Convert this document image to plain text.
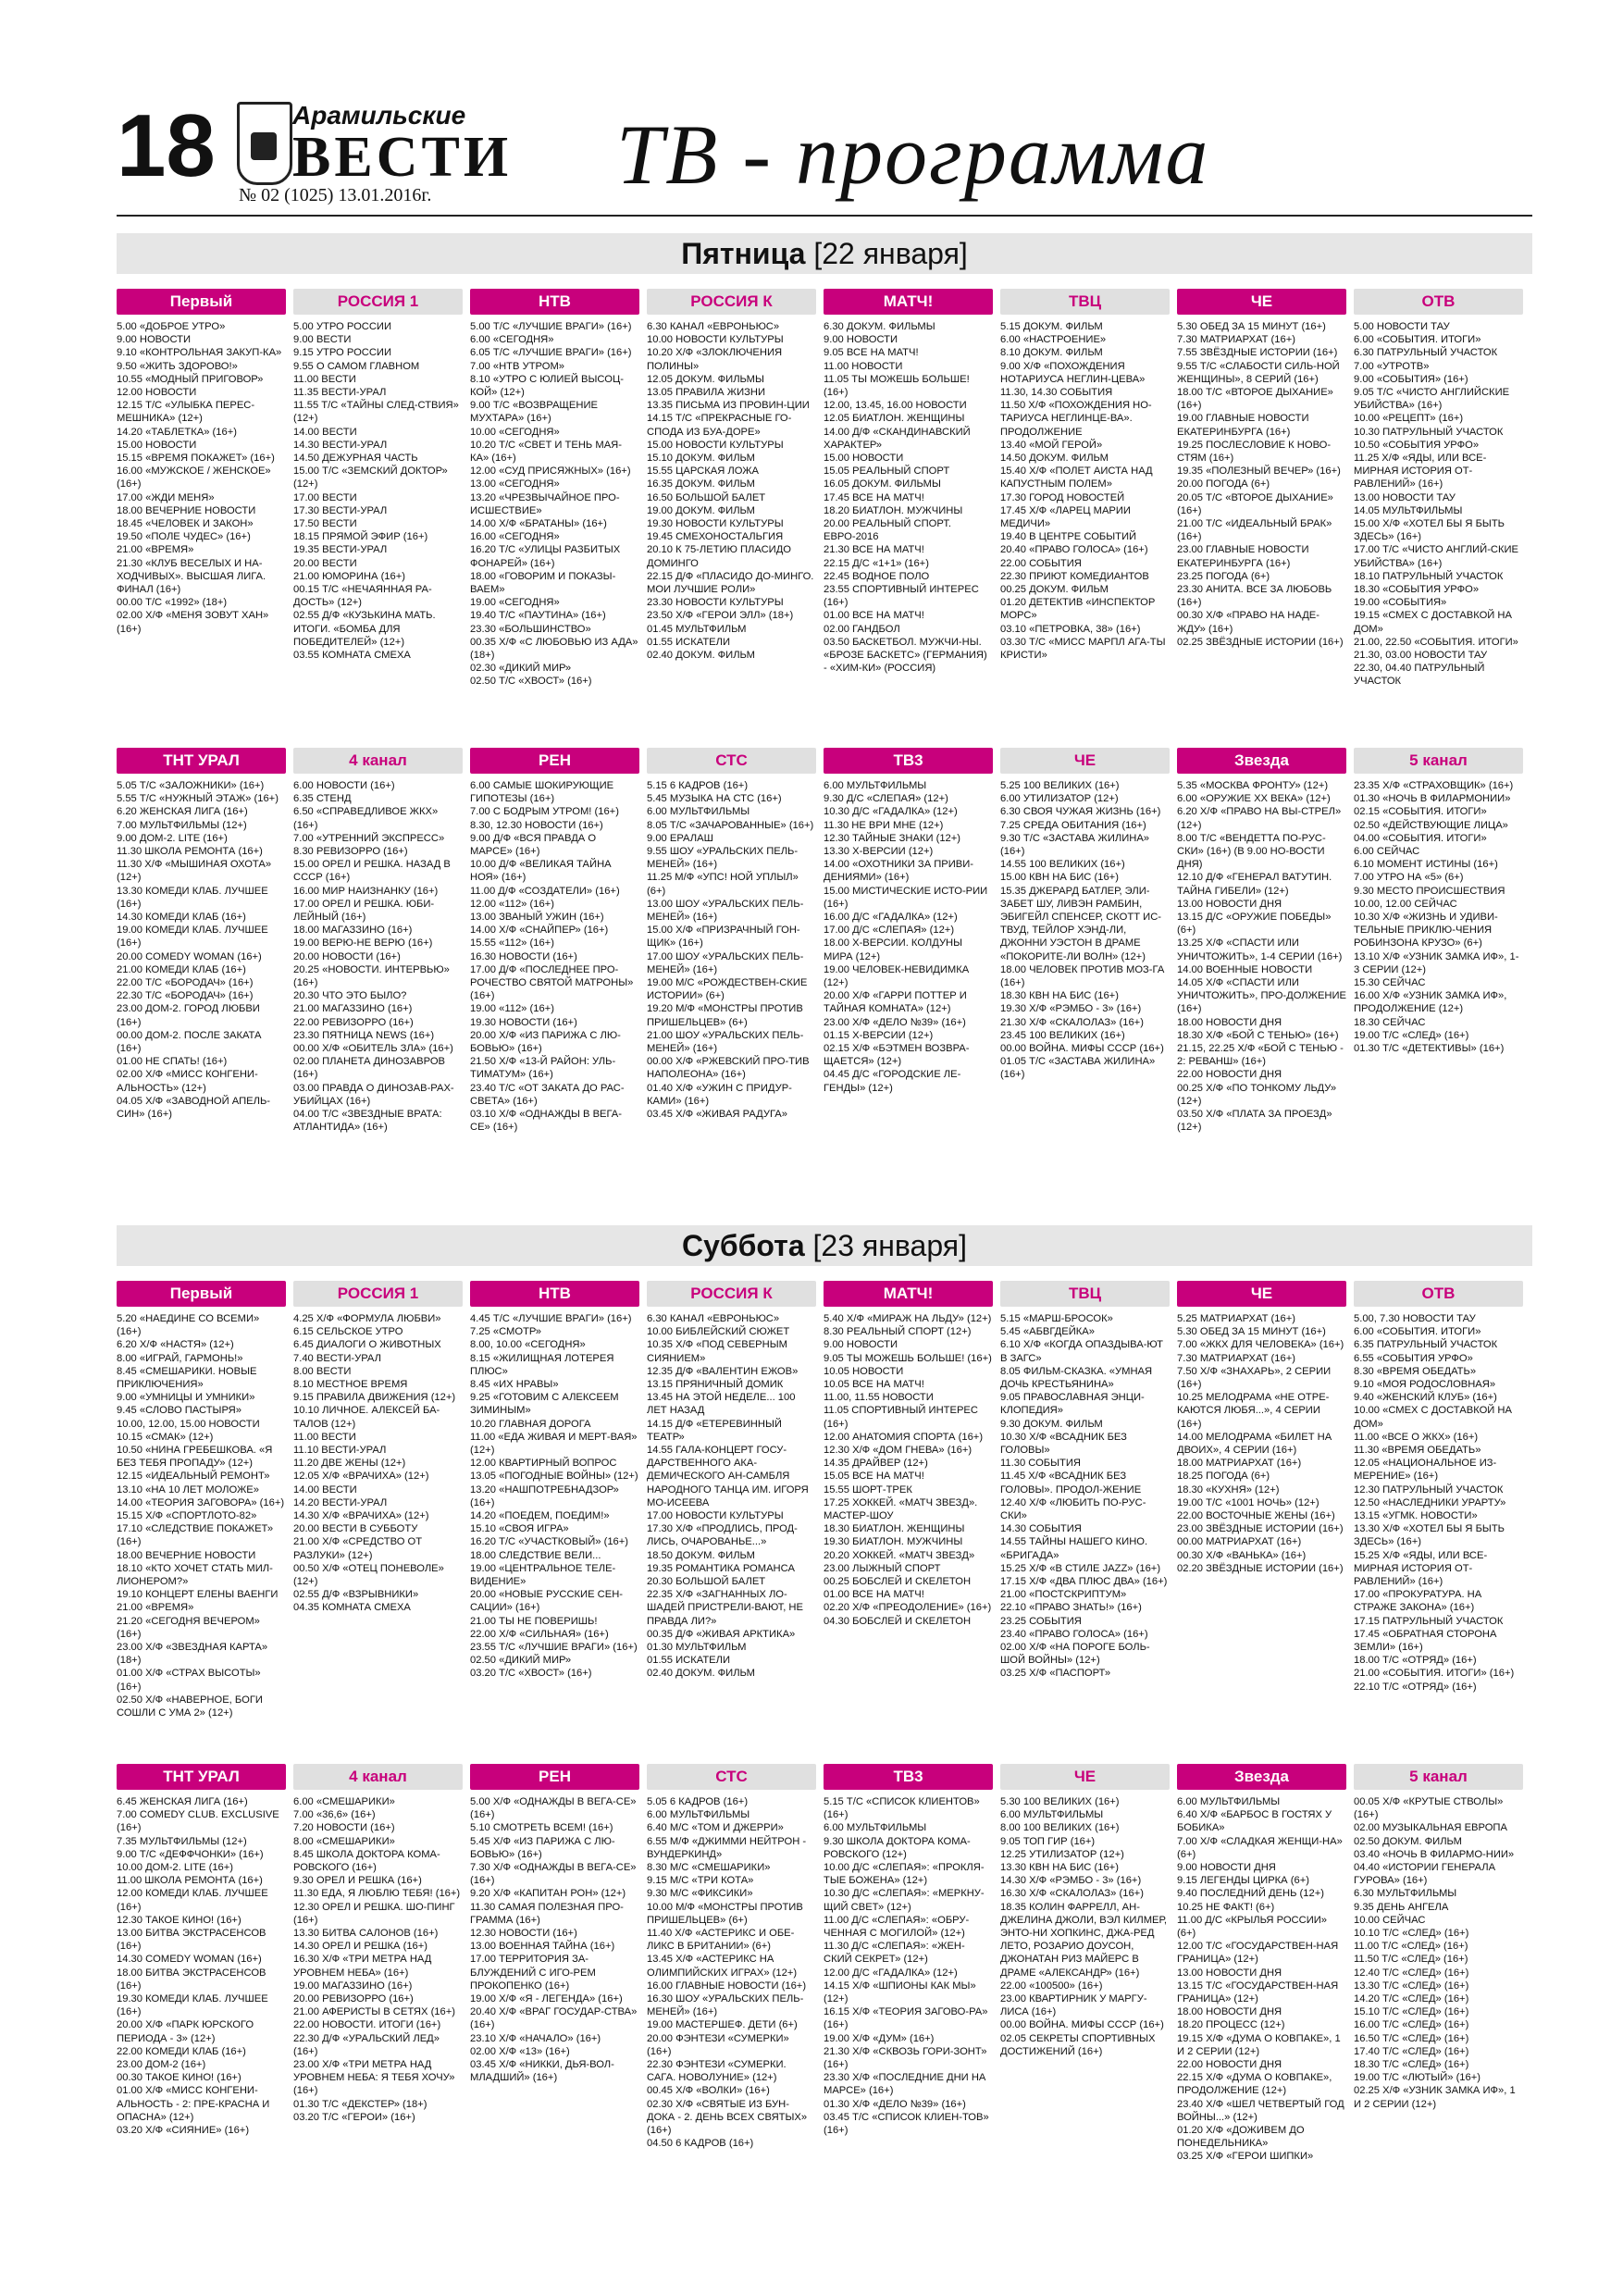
18	Арамильские
ВЕСТИ
№ 02 (1025) 13.01.2016г. ТВ - программа
Пятница [22 января]
Первый
5.00 «ДОБРОЕ УТРО»
9.00 НОВОСТИ
9.10 «КОНТРОЛЬНАЯ ЗАКУП-КА»
9.50 «ЖИТЬ ЗДОРОВО!»
10.55 «МОДНЫЙ ПРИГОВОР»
12.00 НОВОСТИ
12.15 Т/С «УЛЫБКА ПЕРЕС-МЕШНИКА» (12+)
14.20 «ТАБЛЕТКА» (16+)
15.00 НОВОСТИ
15.15 «ВРЕМЯ ПОКАЖЕТ» (16+)
16.00 «МУЖСКОЕ / ЖЕНСКОЕ» (16+)
17.00 «ЖДИ МЕНЯ»
18.00 ВЕЧЕРНИЕ НОВОСТИ
18.45 «ЧЕЛОВЕК И ЗАКОН»
19.50 «ПОЛЕ ЧУДЕС» (16+)
21.00 «ВРЕМЯ»
21.30 «КЛУБ ВЕСЕЛЫХ И НА-ХОДЧИВЫХ». ВЫСШАЯ ЛИГА. ФИНАЛ (16+)
00.00 Т/С «1992» (18+)
02.00 Х/Ф «МЕНЯ ЗОВУТ ХАН» (16+)
РОССИЯ 1
5.00 УТРО РОССИИ
9.00 ВЕСТИ
9.15 УТРО РОССИИ
9.55 О САМОМ ГЛАВНОМ
11.00 ВЕСТИ
11.35 ВЕСТИ-УРАЛ
11.55 Т/С «ТАЙНЫ СЛЕД-СТВИЯ» (12+)
14.00 ВЕСТИ
14.30 ВЕСТИ-УРАЛ
14.50 ДЕЖУРНАЯ ЧАСТЬ
15.00 Т/С «ЗЕМСКИЙ ДОКТОР» (12+)
17.00 ВЕСТИ
17.30 ВЕСТИ-УРАЛ
17.50 ВЕСТИ
18.15 ПРЯМОЙ ЭФИР (16+)
19.35 ВЕСТИ-УРАЛ
20.00 ВЕСТИ
21.00 ЮМОРИНА (16+)
00.15 Т/С «НЕЧАЯННАЯ РА-ДОСТЬ» (12+)
02.55 Д/Ф «КУЗЬКИНА МАТЬ. ИТОГИ. «БОМБА ДЛЯ ПОБЕДИТЕЛЕЙ» (12+)
03.55 КОМНАТА СМЕХА
НТВ
5.00 Т/С «ЛУЧШИЕ ВРАГИ» (16+)
6.00 «СЕГОДНЯ»
6.05 Т/С «ЛУЧШИЕ ВРАГИ» (16+)
7.00 «НТВ УТРОМ»
8.10 «УТРО С ЮЛИЕЙ ВЫСОЦ-КОЙ» (12+)
9.00 Т/С «ВОЗВРАЩЕНИЕ МУХТАРА» (16+)
10.00 «СЕГОДНЯ»
10.20 Т/С «СВЕТ И ТЕНЬ МАЯ-КА» (16+)
12.00 «СУД ПРИСЯЖНЫХ» (16+)
13.00 «СЕГОДНЯ»
13.20 «ЧРЕЗВЫЧАЙНОЕ ПРО-ИСШЕСТВИЕ»
14.00 Х/Ф «БРАТАНЫ» (16+)
16.00 «СЕГОДНЯ»
16.20 Т/С «УЛИЦЫ РАЗБИТЫХ ФОНАРЕЙ» (16+)
18.00 «ГОВОРИМ И ПОКАЗЫ-ВАЕМ»
19.00 «СЕГОДНЯ»
19.40 Т/С «ПАУТИНА» (16+)
23.30 «БОЛЬШИНСТВО»
00.35 Х/Ф «С ЛЮБОВЬЮ ИЗ АДА» (18+)
02.30 «ДИКИЙ МИР»
02.50 Т/С «ХВОСТ» (16+)
РОССИЯ К
6.30 КАНАЛ «ЕВРОНЬЮС»
10.00 НОВОСТИ КУЛЬТУРЫ
10.20 Х/Ф «ЗЛОКЛЮЧЕНИЯ ПОЛИНЫ»
12.05 ДОКУМ. ФИЛЬМЫ
13.05 ПРАВИЛА ЖИЗНИ
13.35 ПИСЬМА ИЗ ПРОВИН-ЦИИ
14.15 Т/С «ПРЕКРАСНЫЕ ГО-СПОДА ИЗ БУА-ДОРЕ»
15.00 НОВОСТИ КУЛЬТУРЫ
15.10 ДОКУМ. ФИЛЬМ
15.55 ЦАРСКАЯ ЛОЖА
16.35 ДОКУМ. ФИЛЬМ
16.50 БОЛЬШОЙ БАЛЕТ
19.00 ДОКУМ. ФИЛЬМ
19.30 НОВОСТИ КУЛЬТУРЫ
19.45 СМЕХОНОСТАЛЬГИЯ
20.10 К 75-ЛЕТИЮ ПЛАСИДО ДОМИНГО
22.15 Д/Ф «ПЛАСИДО ДО-МИНГО. МОИ ЛУЧШИЕ РОЛИ»
23.30 НОВОСТИ КУЛЬТУРЫ
23.50 Х/Ф «ГЕРОИ ЭЛЛ» (18+)
01.45 МУЛЬТФИЛЬМ
01.55 ИСКАТЕЛИ
02.40 ДОКУМ. ФИЛЬМ
МАТЧ!
6.30 ДОКУМ. ФИЛЬМЫ
9.00 НОВОСТИ
9.05 ВСЕ НА МАТЧ!
11.00 НОВОСТИ
11.05 ТЫ МОЖЕШЬ БОЛЬШЕ! (16+)
12.00, 13.45, 16.00 НОВОСТИ
12.05 БИАТЛОН. ЖЕНЩИНЫ
14.00 Д/Ф «СКАНДИНАВСКИЙ ХАРАКТЕР»
15.00 НОВОСТИ
15.05 РЕАЛЬНЫЙ СПОРТ
16.05 ДОКУМ. ФИЛЬМЫ
17.45 ВСЕ НА МАТЧ!
18.20 БИАТЛОН. МУЖЧИНЫ
20.00 РЕАЛЬНЫЙ СПОРТ. ЕВРО-2016
21.30 ВСЕ НА МАТЧ!
22.15 Д/С «1+1» (16+)
22.45 ВОДНОЕ ПОЛО
23.55 СПОРТИВНЫЙ ИНТЕРЕС (16+)
01.00 ВСЕ НА МАТЧ!
02.00 ГАНДБОЛ
03.50 БАСКЕТБОЛ. МУЖЧИ-НЫ. «БРОЗЕ БАСКЕТС» (ГЕРМАНИЯ) - «ХИМ-КИ» (РОССИЯ)
ТВЦ
5.15 ДОКУМ. ФИЛЬМ
6.00 «НАСТРОЕНИЕ»
8.10 ДОКУМ. ФИЛЬМ
9.00 Х/Ф «ПОХОЖДЕНИЯ НОТАРИУСА НЕГЛИН-ЦЕВА»
11.30, 14.30 СОБЫТИЯ
11.50 Х/Ф «ПОХОЖДЕНИЯ НО-ТАРИУСА НЕГЛИНЦЕ-ВА». ПРОДОЛЖЕНИЕ
13.40 «МОЙ ГЕРОЙ»
14.50 ДОКУМ. ФИЛЬМ
15.40 Х/Ф «ПОЛЕТ АИСТА НАД КАПУСТНЫМ ПОЛЕМ»
17.30 ГОРОД НОВОСТЕЙ
17.45 Х/Ф «ЛАРЕЦ МАРИИ МЕДИЧИ»
19.40 В ЦЕНТРЕ СОБЫТИЙ
20.40 «ПРАВО ГОЛОСА» (16+)
22.00 СОБЫТИЯ
22.30 ПРИЮТ КОМЕДИАНТОВ
00.25 ДОКУМ. ФИЛЬМ
01.20 ДЕТЕКТИВ «ИНСПЕКТОР МОРС»
03.10 «ПЕТРОВКА, 38» (16+)
03.30 Т/С «МИСС МАРПЛ АГА-ТЫ КРИСТИ»
ЧЕ
5.30 ОБЕД ЗА 15 МИНУТ (16+)
7.30 МАТРИАРХАТ (16+)
7.55 ЗВЁЗДНЫЕ ИСТОРИИ (16+)
9.55 Т/С «СЛАБОСТИ СИЛЬ-НОЙ ЖЕНЩИНЫ», 8 СЕРИЙ (16+)
18.00 Т/С «ВТОРОЕ ДЫХАНИЕ» (16+)
19.00 ГЛАВНЫЕ НОВОСТИ ЕКАТЕРИНБУРГА (16+)
19.25 ПОСЛЕСЛОВИЕ К НОВО-СТЯМ (16+)
19.35 «ПОЛЕЗНЫЙ ВЕЧЕР» (16+)
20.00 ПОГОДА (6+)
20.05 Т/С «ВТОРОЕ ДЫХАНИЕ» (16+)
21.00 Т/С «ИДЕАЛЬНЫЙ БРАК» (16+)
23.00 ГЛАВНЫЕ НОВОСТИ ЕКАТЕРИНБУРГА (16+)
23.25 ПОГОДА (6+)
23.30 АНИТА. ВСЕ ЗА ЛЮБОВЬ (16+)
00.30 Х/Ф «ПРАВО НА НАДЕ-ЖДУ» (16+)
02.25 ЗВЁЗДНЫЕ ИСТОРИИ (16+)
ОТВ
5.00 НОВОСТИ ТАУ
6.00 «СОБЫТИЯ. ИТОГИ»
6.30 ПАТРУЛЬНЫЙ УЧАСТОК
7.00 «УТРОТВ»
9.00 «СОБЫТИЯ» (16+)
9.05 Т/С «ЧИСТО АНГЛИЙСКИЕ УБИЙСТВА» (16+)
10.00 «РЕЦЕПТ» (16+)
10.30 ПАТРУЛЬНЫЙ УЧАСТОК
10.50 «СОБЫТИЯ УРФО»
11.25 Х/Ф «ЯДЫ, ИЛИ ВСЕ-МИРНАЯ ИСТОРИЯ ОТ-РАВЛЕНИЙ» (16+)
13.00 НОВОСТИ ТАУ
14.05 МУЛЬТФИЛЬМЫ
15.00 Х/Ф «ХОТЕЛ БЫ Я БЫТЬ ЗДЕСЬ» (16+)
17.00 Т/С «ЧИСТО АНГЛИЙ-СКИЕ УБИЙСТВА» (16+)
18.10 ПАТРУЛЬНЫЙ УЧАСТОК
18.30 «СОБЫТИЯ УРФО»
19.00 «СОБЫТИЯ»
19.15 «СМЕХ С ДОСТАВКОЙ НА ДОМ»
21.00, 22.50 «СОБЫТИЯ. ИТОГИ»
21.30, 03.00 НОВОСТИ ТАУ
22.30, 04.40 ПАТРУЛЬНЫЙ УЧАСТОК
ТНТ УРАЛ
5.05 Т/С «ЗАЛОЖНИКИ» (16+)
5.55 Т/С «НУЖНЫЙ ЭТАЖ» (16+)
6.20 ЖЕНСКАЯ ЛИГА (16+)
7.00 МУЛЬТФИЛЬМЫ (12+)
9.00 ДОМ-2. LITE (16+)
11.30 ШКОЛА РЕМОНТА (16+)
11.30 Х/Ф «МЫШИНАЯ ОХОТА» (12+)
13.30 КОМЕДИ КЛАБ. ЛУЧШЕЕ (16+)
14.30 КОМЕДИ КЛАБ (16+)
19.00 КОМЕДИ КЛАБ. ЛУЧШЕЕ (16+)
20.00 COMEDY WOMAN (16+)
21.00 КОМЕДИ КЛАБ (16+)
22.00 Т/С «БОРОДАЧ» (16+)
22.30 Т/С «БОРОДАЧ» (16+)
23.00 ДОМ-2. ГОРОД ЛЮБВИ (16+)
00.00 ДОМ-2. ПОСЛЕ ЗАКАТА (16+)
01.00 НЕ СПАТЬ! (16+)
02.00 Х/Ф «МИСС КОНГЕНИ-АЛЬНОСТЬ» (12+)
04.05 Х/Ф «ЗАВОДНОЙ АПЕЛЬ-СИН» (16+)
4 канал
6.00 НОВОСТИ (16+)
6.35 СТЕНД
6.50 «СПРАВЕДЛИВОЕ ЖКХ» (16+)
7.00 «УТРЕННИЙ ЭКСПРЕСС»
8.30 РЕВИЗОРРО (16+)
15.00 ОРЕЛ И РЕШКА. НАЗАД В СССР (16+)
16.00 МИР НАИЗНАНКУ (16+)
17.00 ОРЕЛ И РЕШКА. ЮБИ-ЛЕЙНЫЙ (16+)
18.00 МАГАЗЗИНО (16+)
19.00 ВЕРЮ-НЕ ВЕРЮ (16+)
20.00 НОВОСТИ (16+)
20.25 «НОВОСТИ. ИНТЕРВЬЮ» (16+)
20.30 ЧТО ЭТО БЫЛО?
21.00 МАГАЗЗИНО (16+)
22.00 РЕВИЗОРРО (16+)
23.30 ПЯТНИЦА NEWS (16+)
00.00 Х/Ф «ОБИТЕЛЬ ЗЛА» (16+)
02.00 ПЛАНЕТА ДИНОЗАВРОВ (16+)
03.00 ПРАВДА О ДИНОЗАВ-РАХ-УБИЙЦАХ (16+)
04.00 Т/С «ЗВЕЗДНЫЕ ВРАТА: АТЛАНТИДА» (16+)
РЕН
6.00 САМЫЕ ШОКИРУЮЩИЕ ГИПОТЕЗЫ (16+)
7.00 С БОДРЫМ УТРОМ! (16+)
8.30, 12.30 НОВОСТИ (16+)
9.00 Д/Ф «ВСЯ ПРАВДА О МАРСЕ» (16+)
10.00 Д/Ф «ВЕЛИКАЯ ТАЙНА НОЯ» (16+)
11.00 Д/Ф «СОЗДАТЕЛИ» (16+)
12.00 «112» (16+)
13.00 ЗВАНЫЙ УЖИН (16+)
14.00 Х/Ф «СНАЙПЕР» (16+)
15.55 «112» (16+)
16.30 НОВОСТИ (16+)
17.00 Д/Ф «ПОСЛЕДНЕЕ ПРО-РОЧЕСТВО СВЯТОЙ МАТРОНЫ» (16+)
19.00 «112» (16+)
19.30 НОВОСТИ (16+)
20.00 Х/Ф «ИЗ ПАРИЖА С ЛЮ-БОВЬЮ» (16+)
21.50 Х/Ф «13-Й РАЙОН: УЛЬ-ТИМАТУМ» (16+)
23.40 Т/С «ОТ ЗАКАТА ДО РАС-СВЕТА» (16+)
03.10 Х/Ф «ОДНАЖДЫ В ВЕГА-СЕ» (16+)
СТС
5.15 6 КАДРОВ (16+)
5.45 МУЗЫКА НА СТС (16+)
6.00 МУЛЬТФИЛЬМЫ
8.05 Т/С «ЗАЧАРОВАННЫЕ» (16+)
9.00 ЕРАЛАШ
9.55 ШОУ «УРАЛЬСКИХ ПЕЛЬ-МЕНЕЙ» (16+)
11.25 М/Ф «УПС! НОЙ УПЛЫЛ» (6+)
13.00 ШОУ «УРАЛЬСКИХ ПЕЛЬ-МЕНЕЙ» (16+)
15.00 Х/Ф «ПРИЗРАЧНЫЙ ГОН-ЩИК» (16+)
17.00 ШОУ «УРАЛЬСКИХ ПЕЛЬ-МЕНЕЙ» (16+)
19.00 М/С «РОЖДЕСТВЕН-СКИЕ ИСТОРИИ» (6+)
19.20 М/Ф «МОНСТРЫ ПРОТИВ ПРИШЕЛЬЦЕВ» (6+)
21.00 ШОУ «УРАЛЬСКИХ ПЕЛЬ-МЕНЕЙ» (16+)
00.00 Х/Ф «РЖЕВСКИЙ ПРО-ТИВ НАПОЛЕОНА» (16+)
01.40 Х/Ф «УЖИН С ПРИДУР-КАМИ» (16+)
03.45 Х/Ф «ЖИВАЯ РАДУГА»
ТВ3
6.00 МУЛЬТФИЛЬМЫ
9.30 Д/С «СЛЕПАЯ» (12+)
10.30 Д/С «ГАДАЛКА» (12+)
11.30 НЕ ВРИ МНЕ (12+)
12.30 ТАЙНЫЕ ЗНАКИ (12+)
13.30 Х-ВЕРСИИ (12+)
14.00 «ОХОТНИКИ ЗА ПРИВИ-ДЕНИЯМИ» (16+)
15.00 МИСТИЧЕСКИЕ ИСТО-РИИ (16+)
16.00 Д/С «ГАДАЛКА» (12+)
17.00 Д/С «СЛЕПАЯ» (12+)
18.00 Х-ВЕРСИИ. КОЛДУНЫ МИРА (12+)
19.00 ЧЕЛОВЕК-НЕВИДИМКА (12+)
20.00 Х/Ф «ГАРРИ ПОТТЕР И ТАЙНАЯ КОМНАТА» (12+)
23.00 Х/Ф «ДЕЛО №39» (16+)
01.15 Х-ВЕРСИИ (12+)
02.15 Х/Ф «БЭТМЕН ВОЗВРА-ЩАЕТСЯ» (12+)
04.45 Д/С «ГОРОДСКИЕ ЛЕ-ГЕНДЫ» (12+)
ЧЕ
5.25 100 ВЕЛИКИХ (16+)
6.00 УТИЛИЗАТОР (12+)
6.30 СВОЯ ЧУЖАЯ ЖИЗНЬ (16+)
7.25 СРЕДА ОБИТАНИЯ (16+)
9.30 Т/С «ЗАСТАВА ЖИЛИНА» (16+)
14.55 100 ВЕЛИКИХ (16+)
15.00 КВН НА БИС (16+)
15.35 ДЖЕРАРД БАТЛЕР, ЭЛИ-ЗАБЕТ ШУ, ЛИВЭН РАМБИН, ЭБИГЕЙЛ СПЕНСЕР, СКОТТ ИС-ТВУД, ТЕЙЛОР ХЭНД-ЛИ, ДЖОННИ УЭСТОН В ДРАМЕ «ПОКОРИТЕ-ЛИ ВОЛН» (12+)
18.00 ЧЕЛОВЕК ПРОТИВ МОЗ-ГА (16+)
18.30 КВН НА БИС (16+)
19.30 Х/Ф «РЭМБО - 3» (16+)
21.30 Х/Ф «СКАЛОЛАЗ» (16+)
23.45 100 ВЕЛИКИХ (16+)
00.00 ВОЙНА. МИФЫ СССР (16+)
01.05 Т/С «ЗАСТАВА ЖИЛИНА» (16+)
Звезда
5.35 «МОСКВА ФРОНТУ» (12+)
6.00 «ОРУЖИЕ XX ВЕКА» (12+)
6.20 Х/Ф «ПРАВО НА ВЫ-СТРЕЛ» (12+)
8.00 Т/С «ВЕНДЕТТА ПО-РУС-СКИ» (16+) (В 9.00 НО-ВОСТИ ДНЯ)
12.10 Д/Ф «ГЕНЕРАЛ ВАТУТИН. ТАЙНА ГИБЕЛИ» (12+)
13.00 НОВОСТИ ДНЯ
13.15 Д/С «ОРУЖИЕ ПОБЕДЫ» (6+)
13.25 Х/Ф «СПАСТИ ИЛИ УНИЧТОЖИТЬ», 1-4 СЕРИИ (16+)
14.00 ВОЕННЫЕ НОВОСТИ
14.05 Х/Ф «СПАСТИ ИЛИ УНИЧТОЖИТЬ», ПРО-ДОЛЖЕНИЕ (16+)
18.00 НОВОСТИ ДНЯ
18.30 Х/Ф «БОЙ С ТЕНЬЮ» (16+)
21.15, 22.25 Х/Ф «БОЙ С ТЕНЬЮ - 2: РЕВАНШ» (16+)
22.00 НОВОСТИ ДНЯ
00.25 Х/Ф «ПО ТОНКОМУ ЛЬДУ» (12+)
03.50 Х/Ф «ПЛАТА ЗА ПРОЕЗД» (12+)
5 канал
23.35 Х/Ф «СТРАХОВЩИК» (16+)
01.30 «НОЧЬ В ФИЛАРМОНИИ»
02.15 «СОБЫТИЯ. ИТОГИ»
02.50 «ДЕЙСТВУЮЩИЕ ЛИЦА»
04.00 «СОБЫТИЯ. ИТОГИ»
6.00 СЕЙЧАС
6.10 МОМЕНТ ИСТИНЫ (16+)
7.00 УТРО НА «5» (6+)
9.30 МЕСТО ПРОИСШЕСТВИЯ
10.00, 12.00 СЕЙЧАС
10.30 Х/Ф «ЖИЗНЬ И УДИВИ-ТЕЛЬНЫЕ ПРИКЛЮ-ЧЕНИЯ РОБИНЗОНА КРУЗО» (6+)
13.10 Х/Ф «УЗНИК ЗАМКА ИФ», 1-3 СЕРИИ (12+)
15.30 СЕЙЧАС
16.00 Х/Ф «УЗНИК ЗАМКА ИФ», ПРОДОЛЖЕНИЕ (12+)
18.30 СЕЙЧАС
19.00 Т/С «СЛЕД» (16+)
01.30 Т/С «ДЕТЕКТИВЫ» (16+)
Суббота [23 января]
Первый
5.20 «НАЕДИНЕ СО ВСЕМИ» (16+)
6.20 Х/Ф «НАСТЯ» (12+)
8.00 «ИГРАЙ, ГАРМОНЬ!»
8.45 «СМЕШАРИКИ. НОВЫЕ ПРИКЛЮЧЕНИЯ»
9.00 «УМНИЦЫ И УМНИКИ»
9.45 «СЛОВО ПАСТЫРЯ»
10.00, 12.00, 15.00 НОВОСТИ
10.15 «СМАК» (12+)
10.50 «НИНА ГРЕБЕШКОВА. «Я БЕЗ ТЕБЯ ПРОПАДУ» (12+)
12.15 «ИДЕАЛЬНЫЙ РЕМОНТ»
13.10 «НА 10 ЛЕТ МОЛОЖЕ»
14.00 «ТЕОРИЯ ЗАГОВОРА» (16+)
15.15 Х/Ф «СПОРТЛОТО-82»
17.10 «СЛЕДСТВИЕ ПОКАЖЕТ» (16+)
18.00 ВЕЧЕРНИЕ НОВОСТИ
18.10 «КТО ХОЧЕТ СТАТЬ МИЛ-ЛИОНЕРОМ?»
19.10 КОНЦЕРТ ЕЛЕНЫ ВАЕНГИ
21.00 «ВРЕМЯ»
21.20 «СЕГОДНЯ ВЕЧЕРОМ» (16+)
23.00 Х/Ф «ЗВЕЗДНАЯ КАРТА» (18+)
01.00 Х/Ф «СТРАХ ВЫСОТЫ» (16+)
02.50 Х/Ф «НАВЕРНОЕ, БОГИ СОШЛИ С УМА 2» (12+)
РОССИЯ 1
4.25 Х/Ф «ФОРМУЛА ЛЮБВИ»
6.15 СЕЛЬСКОЕ УТРО
6.45 ДИАЛОГИ О ЖИВОТНЫХ
7.40 ВЕСТИ-УРАЛ
8.00 ВЕСТИ
8.10 МЕСТНОЕ ВРЕМЯ
9.15 ПРАВИЛА ДВИЖЕНИЯ (12+)
10.10 ЛИЧНОЕ. АЛЕКСЕЙ БА-ТАЛОВ (12+)
11.00 ВЕСТИ
11.10 ВЕСТИ-УРАЛ
11.20 ДВЕ ЖЕНЫ (12+)
12.05 Х/Ф «ВРАЧИХА» (12+)
14.00 ВЕСТИ
14.20 ВЕСТИ-УРАЛ
14.30 Х/Ф «ВРАЧИХА» (12+)
20.00 ВЕСТИ В СУББОТУ
21.00 Х/Ф «СРЕДСТВО ОТ РАЗЛУКИ» (12+)
00.50 Х/Ф «ОТЕЦ ПОНЕВОЛЕ» (12+)
02.55 Д/Ф «ВЗРЫВНИКИ»
04.35 КОМНАТА СМЕХА
НТВ
4.45 Т/С «ЛУЧШИЕ ВРАГИ» (16+)
7.25 «СМОТР»
8.00, 10.00 «СЕГОДНЯ»
8.15 «ЖИЛИЩНАЯ ЛОТЕРЕЯ ПЛЮС»
8.45 «ИХ НРАВЫ»
9.25 «ГОТОВИМ С АЛЕКСЕЕМ ЗИМИНЫМ»
10.20 ГЛАВНАЯ ДОРОГА
11.00 «ЕДА ЖИВАЯ И МЕРТ-ВАЯ» (12+)
12.00 КВАРТИРНЫЙ ВОПРОС
13.05 «ПОГОДНЫЕ ВОЙНЫ» (12+)
13.20 «НАШПОТРЕБНАДЗОР» (16+)
14.20 «ПОЕДЕМ, ПОЕДИМ!»
15.10 «СВОЯ ИГРА»
16.20 Т/С «УЧАСТКОВЫЙ» (16+)
18.00 СЛЕДСТВИЕ ВЕЛИ...
19.00 «ЦЕНТРАЛЬНОЕ ТЕЛЕ-ВИДЕНИЕ»
20.00 «НОВЫЕ РУССКИЕ СЕН-САЦИИ» (16+)
21.00 ТЫ НЕ ПОВЕРИШЬ!
22.00 Х/Ф «СИЛЬНАЯ» (16+)
23.55 Т/С «ЛУЧШИЕ ВРАГИ» (16+)
02.50 «ДИКИЙ МИР»
03.20 Т/С «ХВОСТ» (16+)
РОССИЯ К
6.30 КАНАЛ «ЕВРОНЬЮС»
10.00 БИБЛЕЙСКИЙ СЮЖЕТ
10.35 Х/Ф «ПОД СЕВЕРНЫМ СИЯНИЕМ»
12.35 Д/Ф «ВАЛЕНТИН ЕЖОВ»
13.15 ПРЯНИЧНЫЙ ДОМИК
13.45 НА ЭТОЙ НЕДЕЛЕ... 100 ЛЕТ НАЗАД
14.15 Д/Ф «ЕТЕРЕВИННЫЙ ТЕАТР»
14.55 ГАЛА-КОНЦЕРТ ГОСУ-ДАРСТВЕННОГО АКА-ДЕМИЧЕСКОГО АН-САМБЛЯ НАРОДНОГО ТАНЦА ИМ. ИГОРЯ МО-ИСЕЕВА
17.00 НОВОСТИ КУЛЬТУРЫ
17.30 Х/Ф «ПРОДЛИСЬ, ПРОД-ЛИСЬ, ОЧАРОВАНЬЕ...»
18.50 ДОКУМ. ФИЛЬМ
19.35 РОМАНТИКА РОМАНСА
20.30 БОЛЬШОЙ БАЛЕТ
22.35 Х/Ф «ЗАГНАННЫХ ЛО-ШАДЕЙ ПРИСТРЕЛИ-ВАЮТ, НЕ ПРАВДА ЛИ?»
00.35 Д/Ф «ЖИВАЯ АРКТИКА»
01.30 МУЛЬТФИЛЬМ
01.55 ИСКАТЕЛИ
02.40 ДОКУМ. ФИЛЬМ
МАТЧ!
5.40 Х/Ф «МИРАЖ НА ЛЬДУ» (12+)
8.30 РЕАЛЬНЫЙ СПОРТ (12+)
9.00 НОВОСТИ
9.05 ТЫ МОЖЕШЬ БОЛЬШЕ! (16+)
10.05 НОВОСТИ
10.05 ВСЕ НА МАТЧ!
11.00, 11.55 НОВОСТИ
11.05 СПОРТИВНЫЙ ИНТЕРЕС (16+)
12.00 АНАТОМИЯ СПОРТА (16+)
12.30 Х/Ф «ДОМ ГНЕВА» (16+)
14.35 ДРАЙВЕР (12+)
15.05 ВСЕ НА МАТЧ!
15.55 ШОРТ-ТРЕК
17.25 ХОККЕЙ. «МАТЧ ЗВЕЗД». МАСТЕР-ШОУ
18.30 БИАТЛОН. ЖЕНЩИНЫ
19.30 БИАТЛОН. МУЖЧИНЫ
20.20 ХОККЕЙ. «МАТЧ ЗВЕЗД»
23.00 ЛЫЖНЫЙ СПОРТ
00.25 БОБСЛЕЙ И СКЕЛЕТОН
01.00 ВСЕ НА МАТЧ!
02.20 Х/Ф «ПРЕОДОЛЕНИЕ» (16+)
04.30 БОБСЛЕЙ И СКЕЛЕТОН
ТВЦ
5.15 «МАРШ-БРОСОК»
5.45 «АБВГДЕЙКА»
6.10 Х/Ф «КОГДА ОПАЗДЫВА-ЮТ В ЗАГС»
8.05 ФИЛЬМ-СКАЗКА. «УМНАЯ ДОЧЬ КРЕСТЬЯНИНА»
9.05 ПРАВОСЛАВНАЯ ЭНЦИ-КЛОПЕДИЯ»
9.30 ДОКУМ. ФИЛЬМ
10.30 Х/Ф «ВСАДНИК БЕЗ ГОЛОВЫ»
11.30 СОБЫТИЯ
11.45 Х/Ф «ВСАДНИК БЕЗ ГОЛОВЫ». ПРОДОЛ-ЖЕНИЕ
12.40 Х/Ф «ЛЮБИТЬ ПО-РУС-СКИ»
14.30 СОБЫТИЯ
14.55 ТАЙНЫ НАШЕГО КИНО. «БРИГАДА»
15.25 Х/Ф «В СТИЛЕ JAZZ» (16+)
17.15 Х/Ф «ДВА ПЛЮС ДВА» (16+)
21.00 «ПОСТСКРИПТУМ»
22.10 «ПРАВО ЗНАТЬ!» (16+)
23.25 СОБЫТИЯ
23.40 «ПРАВО ГОЛОСА» (16+)
02.00 Х/Ф «НА ПОРОГЕ БОЛЬ-ШОЙ ВОЙНЫ» (12+)
03.25 Х/Ф «ПАСПОРТ»
ЧЕ
5.25 МАТРИАРХАТ (16+)
5.30 ОБЕД ЗА 15 МИНУТ (16+)
7.00 «ЖКХ ДЛЯ ЧЕЛОВЕКА» (16+)
7.30 МАТРИАРХАТ (16+)
7.50 Х/Ф «ЗНАХАРЬ», 2 СЕРИИ (16+)
10.25 МЕЛОДРАМА «НЕ ОТРЕ-КАЮТСЯ ЛЮБЯ...», 4 СЕРИИ (16+)
14.00 МЕЛОДРАМА «БИЛЕТ НА ДВОИХ», 4 СЕРИИ (16+)
18.00 МАТРИАРХАТ (16+)
18.25 ПОГОДА (6+)
18.30 «КУХНЯ» (12+)
19.00 Т/С «1001 НОЧЬ» (12+)
22.00 ВОСТОЧНЫЕ ЖЕНЫ (16+)
23.00 ЗВЁЗДНЫЕ ИСТОРИИ (16+)
00.00 МАТРИАРХАТ (16+)
00.30 Х/Ф «ВАНЬКА» (16+)
02.20 ЗВЁЗДНЫЕ ИСТОРИИ (16+)
ОТВ
5.00, 7.30 НОВОСТИ ТАУ
6.00 «СОБЫТИЯ. ИТОГИ»
6.35 ПАТРУЛЬНЫЙ УЧАСТОК
6.55 «СОБЫТИЯ УРФО»
8.30 «ВРЕМЯ ОБЕДАТЬ»
9.10 «МОЯ РОДОСЛОВНАЯ»
9.40 «ЖЕНСКИЙ КЛУБ» (16+)
10.00 «СМЕХ С ДОСТАВКОЙ НА ДОМ»
11.00 «ВСЕ О ЖКХ» (16+)
11.30 «ВРЕМЯ ОБЕДАТЬ»
12.05 «НАЦИОНАЛЬНОЕ ИЗ-МЕРЕНИЕ» (16+)
12.30 ПАТРУЛЬНЫЙ УЧАСТОК
12.50 «НАСЛЕДНИКИ УРАРТУ»
13.15 «УГМК. НОВОСТИ»
13.30 Х/Ф «ХОТЕЛ БЫ Я БЫТЬ ЗДЕСЬ» (16+)
15.25 Х/Ф «ЯДЫ, ИЛИ ВСЕ-МИРНАЯ ИСТОРИЯ ОТ-РАВЛЕНИЙ» (16+)
17.00 «ПРОКУРАТУРА. НА СТРАЖЕ ЗАКОНА» (16+)
17.15 ПАТРУЛЬНЫЙ УЧАСТОК
17.45 «ОБРАТНАЯ СТОРОНА ЗЕМЛИ» (16+)
18.00 Т/С «ОТРЯД» (16+)
21.00 «СОБЫТИЯ. ИТОГИ» (16+)
22.10 Т/С «ОТРЯД» (16+)
ТНТ УРАЛ
6.45 ЖЕНСКАЯ ЛИГА (16+)
7.00 COMEDY CLUB. EXCLUSIVE (16+)
7.35 МУЛЬТФИЛЬМЫ (12+)
9.00 Т/С «ДЕФФЧОНКИ» (16+)
10.00 ДОМ-2. LITE (16+)
11.00 ШКОЛА РЕМОНТА (16+)
12.00 КОМЕДИ КЛАБ. ЛУЧШЕЕ (16+)
12.30 ТАКОЕ КИНО! (16+)
13.00 БИТВА ЭКСТРАСЕНСОВ (16+)
14.30 COMEDY WOMAN (16+)
18.00 БИТВА ЭКСТРАСЕНСОВ (16+)
19.30 КОМЕДИ КЛАБ. ЛУЧШЕЕ (16+)
20.00 Х/Ф «ПАРК ЮРСКОГО ПЕРИОДА - 3» (12+)
22.00 КОМЕДИ КЛАБ (16+)
23.00 ДОМ-2 (16+)
00.30 ТАКОЕ КИНО! (16+)
01.00 Х/Ф «МИСС КОНГЕНИ-АЛЬНОСТЬ - 2: ПРЕ-КРАСНА И ОПАСНА» (12+)
03.20 Х/Ф «СИЯНИЕ» (16+)
4 канал
6.00 «СМЕШАРИКИ»
7.00 «36,6» (16+)
7.20 НОВОСТИ (16+)
8.00 «СМЕШАРИКИ»
8.45 ШКОЛА ДОКТОРА КОМА-РОВСКОГО (16+)
9.30 ОРЕЛ И РЕШКА (16+)
11.30 ЕДА, Я ЛЮБЛЮ ТЕБЯ! (16+)
12.30 ОРЕЛ И РЕШКА. ШО-ПИНГ (16+)
13.30 БИТВА САЛОНОВ (16+)
14.30 ОРЕЛ И РЕШКА (16+)
16.30 Х/Ф «ТРИ МЕТРА НАД УРОВНЕМ НЕБА» (16+)
19.00 МАГАЗЗИНО (16+)
20.00 РЕВИЗОРРО (16+)
21.00 АФЕРИСТЫ В СЕТЯХ (16+)
22.00 НОВОСТИ. ИТОГИ (16+)
22.30 Д/Ф «УРАЛЬСКИЙ ЛЕД» (16+)
23.00 Х/Ф «ТРИ МЕТРА НАД УРОВНЕМ НЕБА: Я ТЕБЯ ХОЧУ» (16+)
01.30 Т/С «ДЕКСТЕР» (18+)
03.20 Т/С «ГЕРОИ» (16+)
РЕН
5.00 Х/Ф «ОДНАЖДЫ В ВЕГА-СЕ» (16+)
5.10 СМОТРЕТЬ ВСЕМ! (16+)
5.45 Х/Ф «ИЗ ПАРИЖА С ЛЮ-БОВЬЮ» (16+)
7.30 Х/Ф «ОДНАЖДЫ В ВЕГА-СЕ» (16+)
9.20 Х/Ф «КАПИТАН РОН» (12+)
11.30 САМАЯ ПОЛЕЗНАЯ ПРО-ГРАММА (16+)
12.30 НОВОСТИ (16+)
13.00 ВОЕННАЯ ТАЙНА (16+)
17.00 ТЕРРИТОРИЯ ЗА-БЛУЖДЕНИЙ С ИГО-РЕМ ПРОКОПЕНКО (16+)
19.00 Х/Ф «Я - ЛЕГЕНДА» (16+)
20.40 Х/Ф «ВРАГ ГОСУДАР-СТВА» (16+)
23.10 Х/Ф «НАЧАЛО» (16+)
02.00 Х/Ф «13» (16+)
03.45 Х/Ф «НИККИ, ДЬЯ-ВОЛ-МЛАДШИЙ» (16+)
СТС
5.05 6 КАДРОВ (16+)
6.00 МУЛЬТФИЛЬМЫ
6.40 М/С «ТОМ И ДЖЕРРИ»
6.55 М/Ф «ДЖИММИ НЕЙТРОН - ВУНДЕРКИНД»
8.30 М/С «СМЕШАРИКИ»
9.15 М/С «ТРИ КОТА»
9.30 М/С «ФИКСИКИ»
10.00 М/Ф «МОНСТРЫ ПРОТИВ ПРИШЕЛЬЦЕВ» (6+)
11.40 Х/Ф «АСТЕРИКС И ОБЕ-ЛИКС В БРИТАНИИ» (6+)
13.45 Х/Ф «АСТЕРИКС НА ОЛИМПИЙСКИХ ИГРАХ» (12+)
16.00 ГЛАВНЫЕ НОВОСТИ (16+)
16.30 ШОУ «УРАЛЬСКИХ ПЕЛЬ-МЕНЕЙ» (16+)
19.00 МАСТЕРШЕФ. ДЕТИ (6+)
20.00 ФЭНТЕЗИ «СУМЕРКИ» (16+)
22.30 ФЭНТЕЗИ «СУМЕРКИ. САГА. НОВОЛУНИЕ» (12+)
00.45 Х/Ф «ВОЛКИ» (16+)
02.30 Х/Ф «СВЯТЫЕ ИЗ БУН-ДОКА - 2. ДЕНЬ ВСЕХ СВЯТЫХ» (16+)
04.50 6 КАДРОВ (16+)
ТВ3
5.15 Т/С «СПИСОК КЛИЕНТОВ» (16+)
6.00 МУЛЬТФИЛЬМЫ
9.30 ШКОЛА ДОКТОРА КОМА-РОВСКОГО (12+)
10.00 Д/С «СЛЕПАЯ»: «ПРОКЛЯ-ТЫЕ БОЖЕНА» (12+)
10.30 Д/С «СЛЕПАЯ»: «МЕРКНУ-ЩИЙ СВЕТ» (12+)
11.00 Д/С «СЛЕПАЯ»: «ОБРУ-ЧЕННАЯ С МОГИЛОЙ» (12+)
11.30 Д/С «СЛЕПАЯ»: «ЖЕН-СКИЙ СЕКРЕТ» (12+)
12.00 Д/С «ГАДАЛКА» (12+)
14.15 Х/Ф «ШПИОНЫ КАК МЫ» (12+)
16.15 Х/Ф «ТЕОРИЯ ЗАГОВО-РА» (16+)
19.00 Х/Ф «ДУМ» (16+)
21.30 Х/Ф «СКВОЗЬ ГОРИ-ЗОНТ» (16+)
23.30 Х/Ф «ПОСЛЕДНИЕ ДНИ НА МАРСЕ» (16+)
01.30 Х/Ф «ДЕЛО №39» (16+)
03.45 Т/С «СПИСОК КЛИЕН-ТОВ» (16+)
ЧЕ
5.30 100 ВЕЛИКИХ (16+)
6.00 МУЛЬТФИЛЬМЫ
8.00 100 ВЕЛИКИХ (16+)
9.05 ТОП ГИР (16+)
12.25 УТИЛИЗАТОР (12+)
13.30 КВН НА БИС (16+)
14.30 Х/Ф «РЭМБО - 3» (16+)
16.30 Х/Ф «СКАЛОЛАЗ» (16+)
18.35 КОЛИН ФАРРЕЛЛ, АН-ДЖЕЛИНА ДЖОЛИ, ВЭЛ КИЛМЕР, ЭНТО-НИ ХОПКИНС, ДЖА-РЕД ЛЕТО, РОЗАРИО ДОУСОН, ДЖОНАТАН РИЗ МАЙЕРС В ДРАМЕ «АЛЕКСАНДР» (16+)
22.00 «100500» (16+)
23.00 КВАРТИРНИК У МАРГУ-ЛИСА (16+)
00.00 ВОЙНА. МИФЫ СССР (16+)
02.05 СЕКРЕТЫ СПОРТИВНЫХ ДОСТИЖЕНИЙ (16+)
Звезда
6.00 МУЛЬТФИЛЬМЫ
6.40 Х/Ф «БАРБОС В ГОСТЯХ У БОБИКА»
7.00 Х/Ф «СЛАДКАЯ ЖЕНЩИ-НА» (6+)
9.00 НОВОСТИ ДНЯ
9.15 ЛЕГЕНДЫ ЦИРКА (6+)
9.40 ПОСЛЕДНИЙ ДЕНЬ (12+)
10.25 НЕ ФАКТ! (6+)
11.00 Д/С «КРЫЛЬЯ РОССИИ» (6+)
12.00 Т/С «ГОСУДАРСТВЕН-НАЯ ГРАНИЦА» (12+)
13.00 НОВОСТИ ДНЯ
13.15 Т/С «ГОСУДАРСТВЕН-НАЯ ГРАНИЦА» (12+)
18.00 НОВОСТИ ДНЯ
18.20 ПРОЦЕСС (12+)
19.15 Х/Ф «ДУМА О КОВПАКЕ», 1 И 2 СЕРИИ (12+)
22.00 НОВОСТИ ДНЯ
22.15 Х/Ф «ДУМА О КОВПАКЕ», ПРОДОЛЖЕНИЕ (12+)
23.40 Х/Ф «ШЕЛ ЧЕТВЕРТЫЙ ГОД ВОЙНЫ...» (12+)
01.20 Х/Ф «ДОЖИВЕМ ДО ПОНЕДЕЛЬНИКА»
03.25 Х/Ф «ГЕРОИ ШИПКИ»
5 канал
00.05 Х/Ф «КРУТЫЕ СТВОЛЫ» (16+)
02.00 МУЗЫКАЛЬНАЯ ЕВРОПА
02.50 ДОКУМ. ФИЛЬМ
03.40 «НОЧЬ В ФИЛАРМО-НИИ»
04.40 «ИСТОРИИ ГЕНЕРАЛА ГУРОВА» (16+)
6.30 МУЛЬТФИЛЬМЫ
9.35 ДЕНЬ АНГЕЛА
10.00 СЕЙЧАС
10.10 Т/С «СЛЕД» (16+)
11.00 Т/С «СЛЕД» (16+)
11.50 Т/С «СЛЕД» (16+)
12.40 Т/С «СЛЕД» (16+)
13.30 Т/С «СЛЕД» (16+)
14.20 Т/С «СЛЕД» (16+)
15.10 Т/С «СЛЕД» (16+)
16.00 Т/С «СЛЕД» (16+)
16.50 Т/С «СЛЕД» (16+)
17.40 Т/С «СЛЕД» (16+)
18.30 Т/С «СЛЕД» (16+)
19.00 Т/С «ЛЮТЫЙ» (16+)
02.25 Х/Ф «УЗНИК ЗАМКА ИФ», 1 И 2 СЕРИИ (12+)
